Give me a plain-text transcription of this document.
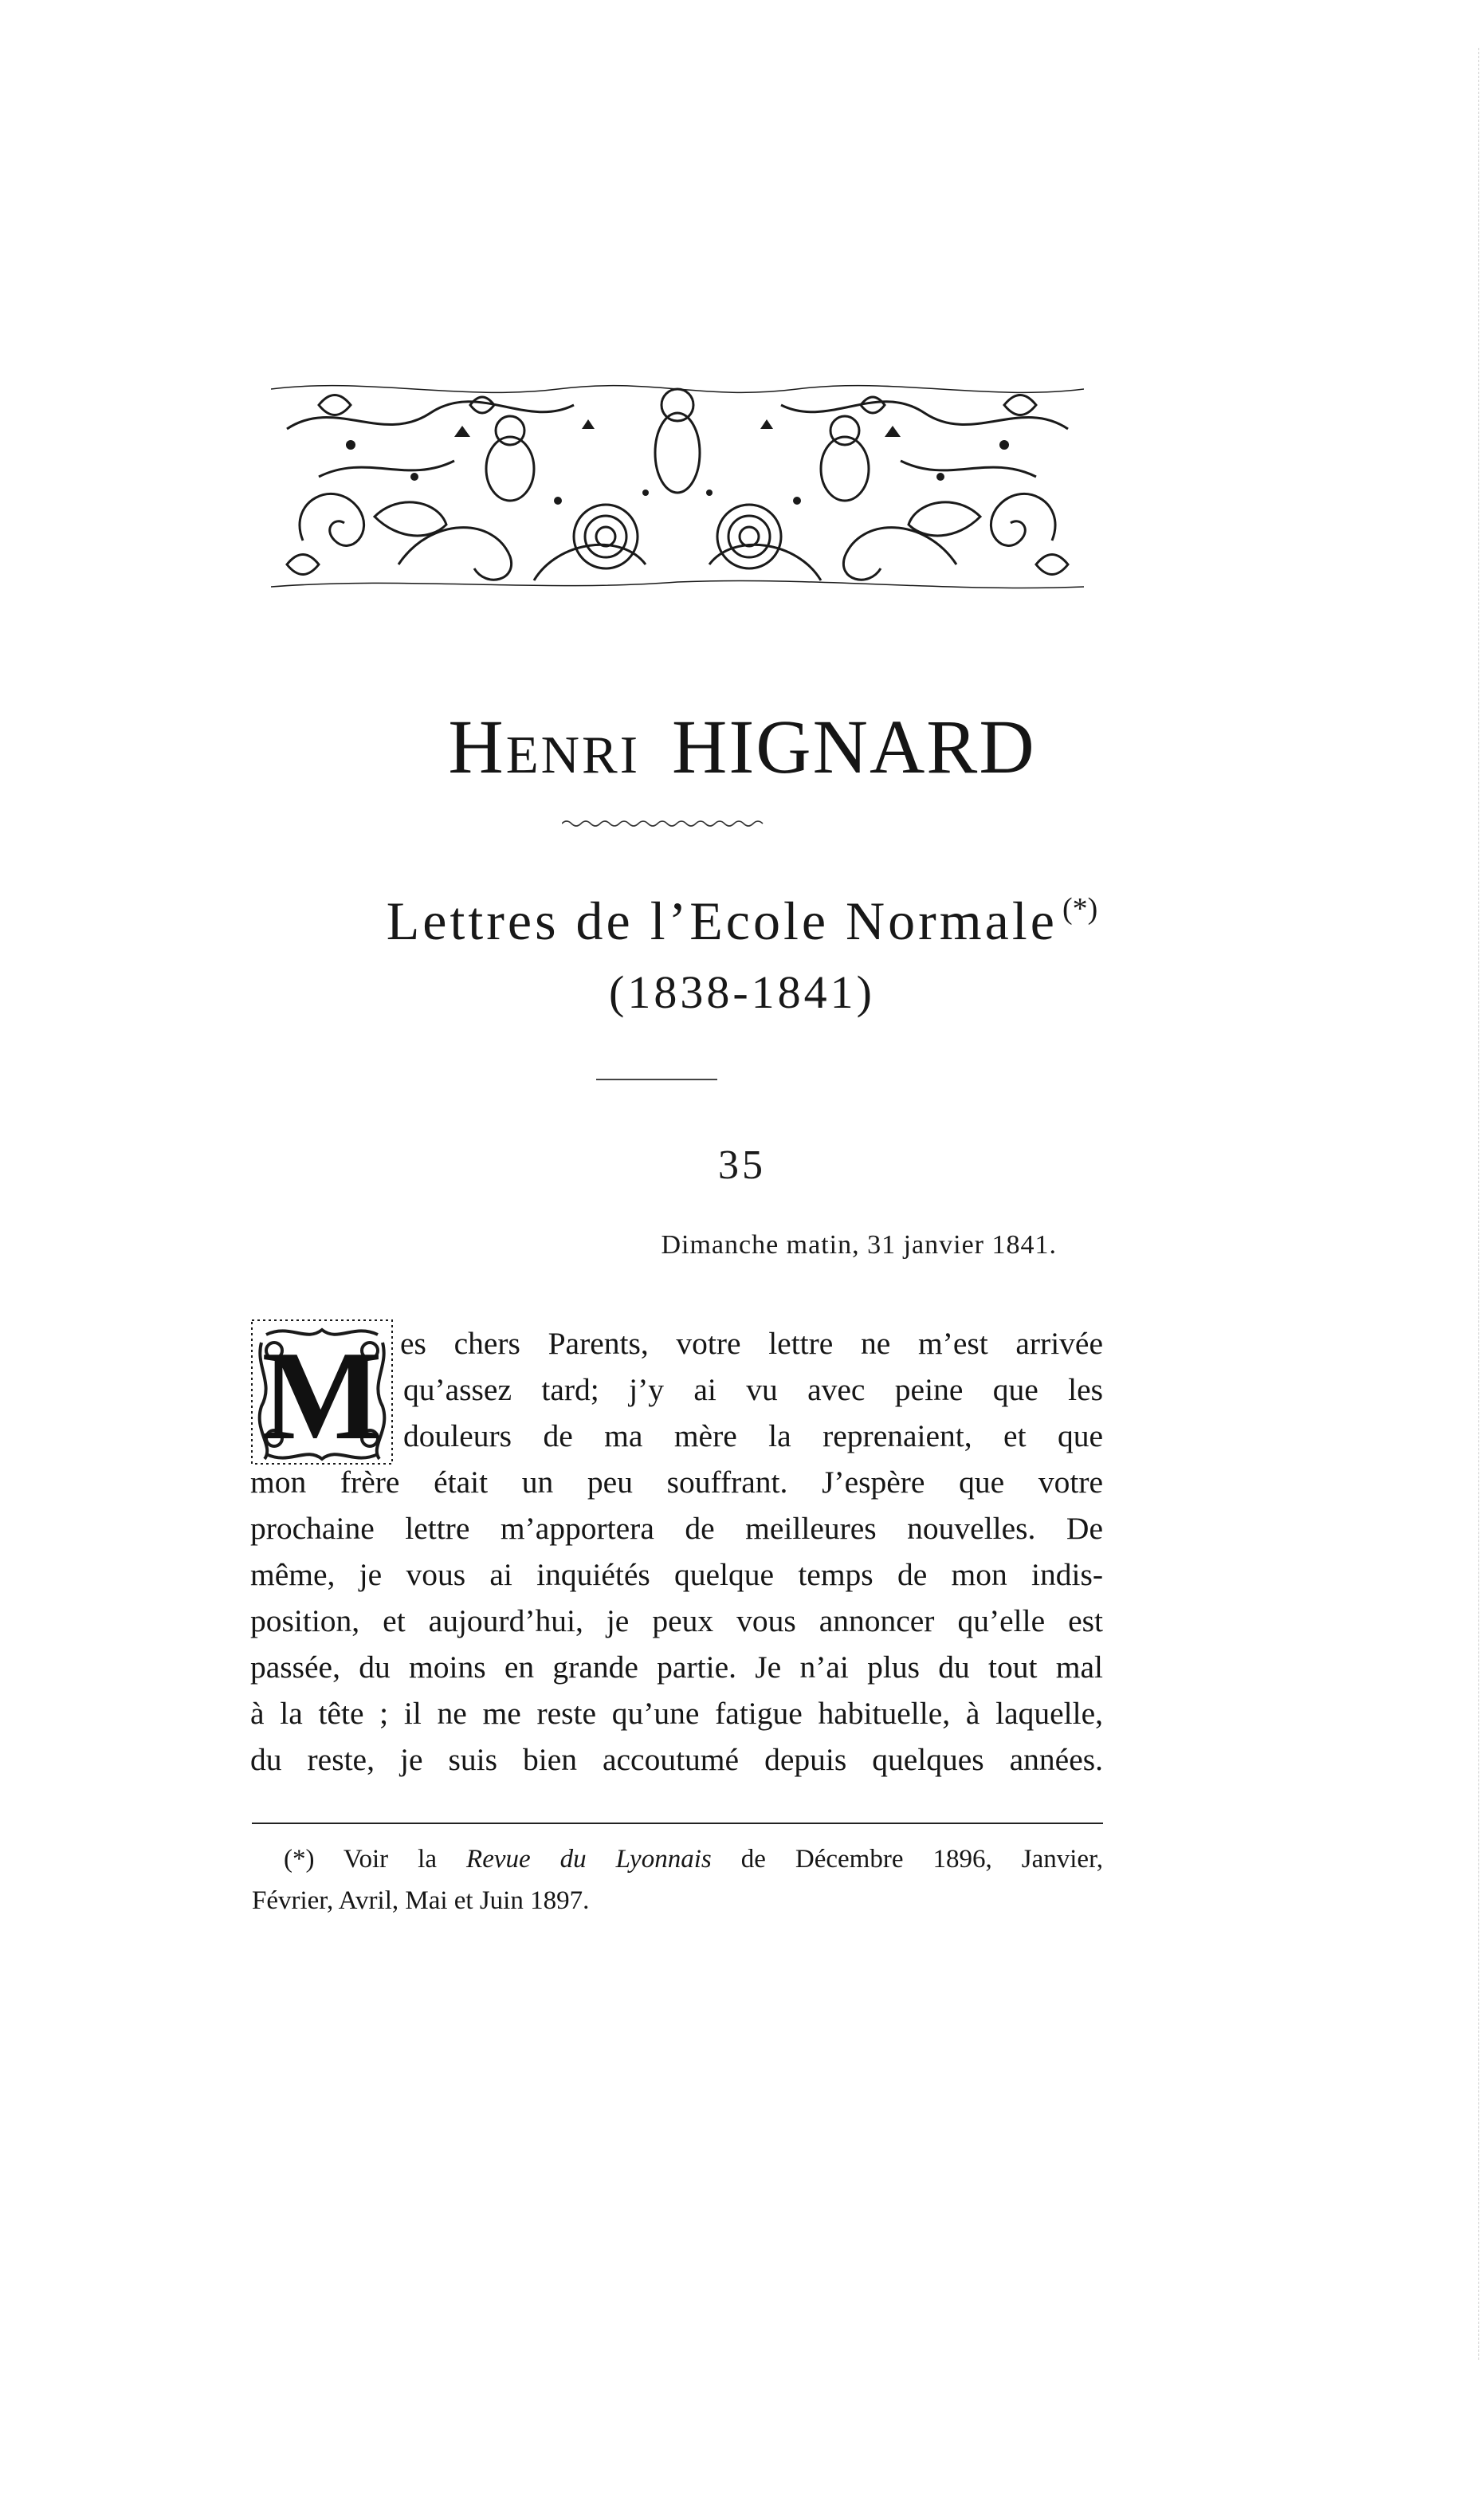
Henri HIGNARD
Lettres de l’Ecole Normale (*)
(1838-1841)
35
Dimanche matin, 31 janvier 1841.
M es chers Parents, votre lettre ne m’est arrivée
qu’assez tard; j’y ai vu avec peine que les
douleurs de ma mère la reprenaient, et que
mon frère était un peu souffrant. J’espère que votre
prochaine lettre m’apportera de meilleures nouvelles. De
même, je vous ai inquiétés quelque temps de mon indis-
position, et aujourd’hui, je peux vous annoncer qu’elle est
passée, du moins en grande partie. Je n’ai plus du tout mal
à la tête ; il ne me reste qu’une fatigue habituelle, à laquelle,
du reste, je suis bien accoutumé depuis quelques années.
(*) Voir la Revue du Lyonnais de Décembre 1896, Janvier,
Février, Avril, Mai et Juin 1897.
